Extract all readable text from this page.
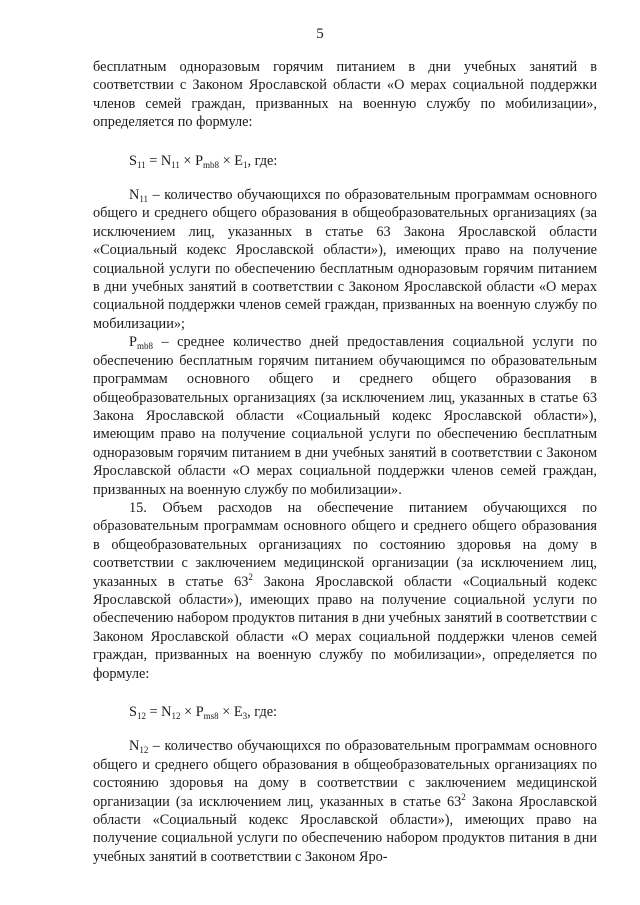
5

бесплатным одноразовым горячим питанием в дни учебных занятий в соответствии с Законом Ярославской области «О мерах социальной поддержки членов семей граждан, призванных на военную службу по мобилизации», определяется по формуле:

$S_{11} = N_{11} \times P_{mb8} \times E_1$, где:

$N_{11}$ – количество обучающихся по образовательным программам основного общего и среднего общего образования в общеобразовательных организациях (за исключением лиц, указанных в статье 63 Закона Ярославской области «Социальный кодекс Ярославской области»), имеющих право на получение социальной услуги по обеспечению бесплатным одноразовым горячим питанием в дни учебных занятий в соответствии с Законом Ярославской области «О мерах социальной поддержки членов семей граждан, призванных на военную службу по мобилизации»;

$P_{mb8}$ – среднее количество дней предоставления социальной услуги по обеспечению бесплатным горячим питанием обучающимся по образовательным программам основного общего и среднего общего образования в общеобразовательных организациях (за исключением лиц, указанных в статье 63 Закона Ярославской области «Социальный кодекс Ярославской области»), имеющим право на получение социальной услуги по обеспечению бесплатным одноразовым горячим питанием в дни учебных занятий в соответствии с Законом Ярославской области «О мерах социальной поддержки членов семей граждан, призванных на военную службу по мобилизации».

15. Объем расходов на обеспечение питанием обучающихся по образовательным программам основного общего и среднего общего образования в общеобразовательных организациях по состоянию здоровья на дому в соответствии с заключением медицинской организации (за исключением лиц, указанных в статье $63^2$ Закона Ярославской области «Социальный кодекс Ярославской области»), имеющих право на получение социальной услуги по обеспечению набором продуктов питания в дни учебных занятий в соответствии с Законом Ярославской области «О мерах социальной поддержки членов семей граждан, призванных на военную службу по мобилизации», определяется по формуле:

$S_{12} = N_{12} \times P_{ms8} \times E_3$, где:

$N_{12}$ – количество обучающихся по образовательным программам основного общего и среднего общего образования в общеобразовательных организациях по состоянию здоровья на дому в соответствии с заключением медицинской организации (за исключением лиц, указанных в статье $63^2$ Закона Ярославской области «Социальный кодекс Ярославской области»), имеющих право на получение социальной услуги по обеспечению набором продуктов питания в дни учебных занятий в соответствии с Законом Яро-
